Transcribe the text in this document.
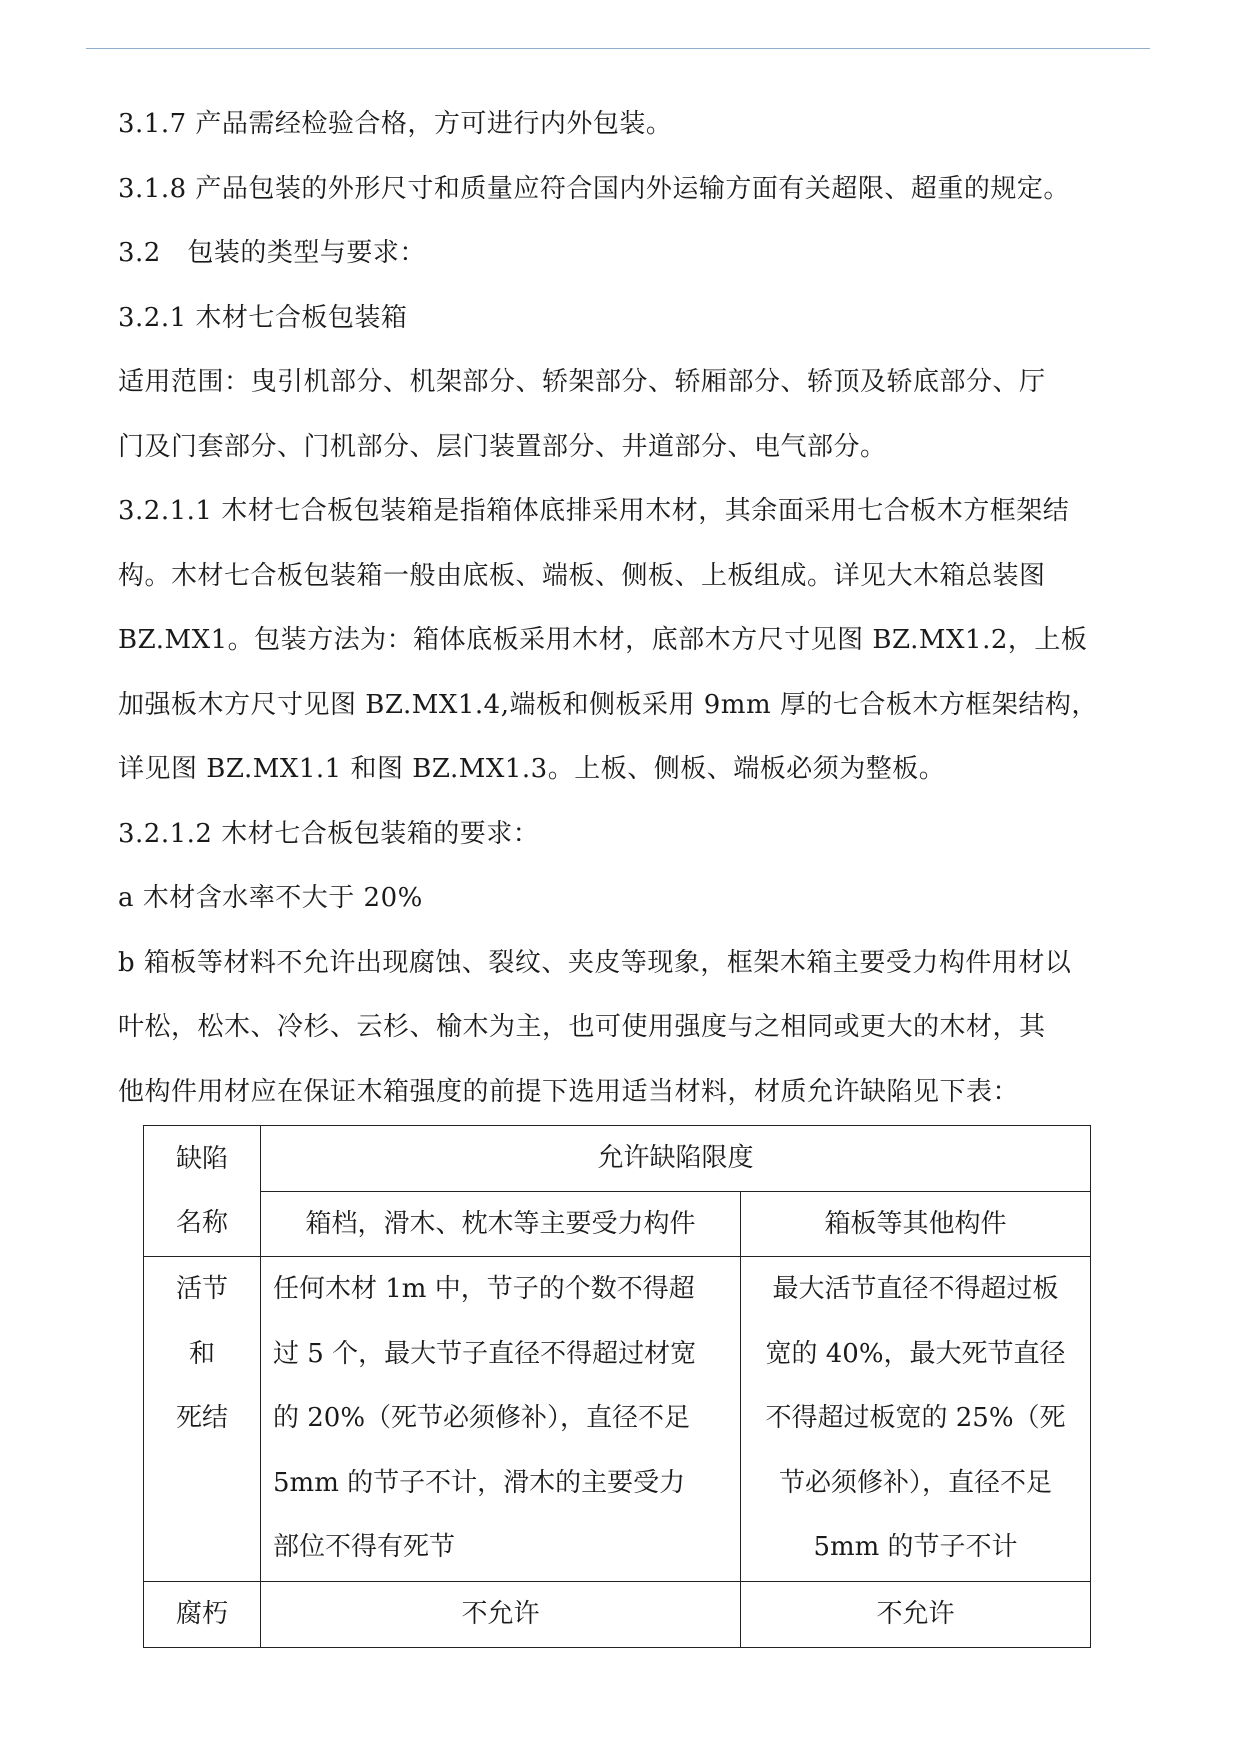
3.1.7 产品需经检验合格，方可进行内外包装。

3.1.8 产品包装的外形尺寸和质量应符合国内外运输方面有关超限、超重的规定。

3.2　包装的类型与要求：

3.2.1 木材七合板包装箱

适用范围：曳引机部分、机架部分、轿架部分、轿厢部分、轿顶及轿底部分、厅

门及门套部分、门机部分、层门装置部分、井道部分、电气部分。

3.2.1.1 木材七合板包装箱是指箱体底排采用木材，其余面采用七合板木方框架结

构。木材七合板包装箱一般由底板、端板、侧板、上板组成。详见大木箱总装图

BZ.MX1。包装方法为：箱体底板采用木材，底部木方尺寸见图 BZ.MX1.2，上板

加强板木方尺寸见图 BZ.MX1.4,端板和侧板采用 9mm 厚的七合板木方框架结构，

详见图 BZ.MX1.1 和图 BZ.MX1.3。上板、侧板、端板必须为整板。

3.2.1.2 木材七合板包装箱的要求：

a 木材含水率不大于 20%

b 箱板等材料不允许出现腐蚀、裂纹、夹皮等现象，框架木箱主要受力构件用材以

叶松，松木、冷杉、云杉、榆木为主，也可使用强度与之相同或更大的木材，其

他构件用材应在保证木箱强度的前提下选用适当材料，材质允许缺陷见下表：

缺陷
名称	允许缺陷限度	
	箱档，滑木、枕木等主要受力构件	箱板等其他构件

活节
和
死结	任何木材 1m 中，节子的个数不得超
过 5 个，最大节子直径不得超过材宽
的 20%（死节必须修补），直径不足
5mm 的节子不计，滑木的主要受力
部位不得有死节	最大活节直径不得超过板
宽的 40%，最大死节直径
不得超过板宽的 25%（死
节必须修补），直径不足
5mm 的节子不计

腐朽	不允许	不允许
